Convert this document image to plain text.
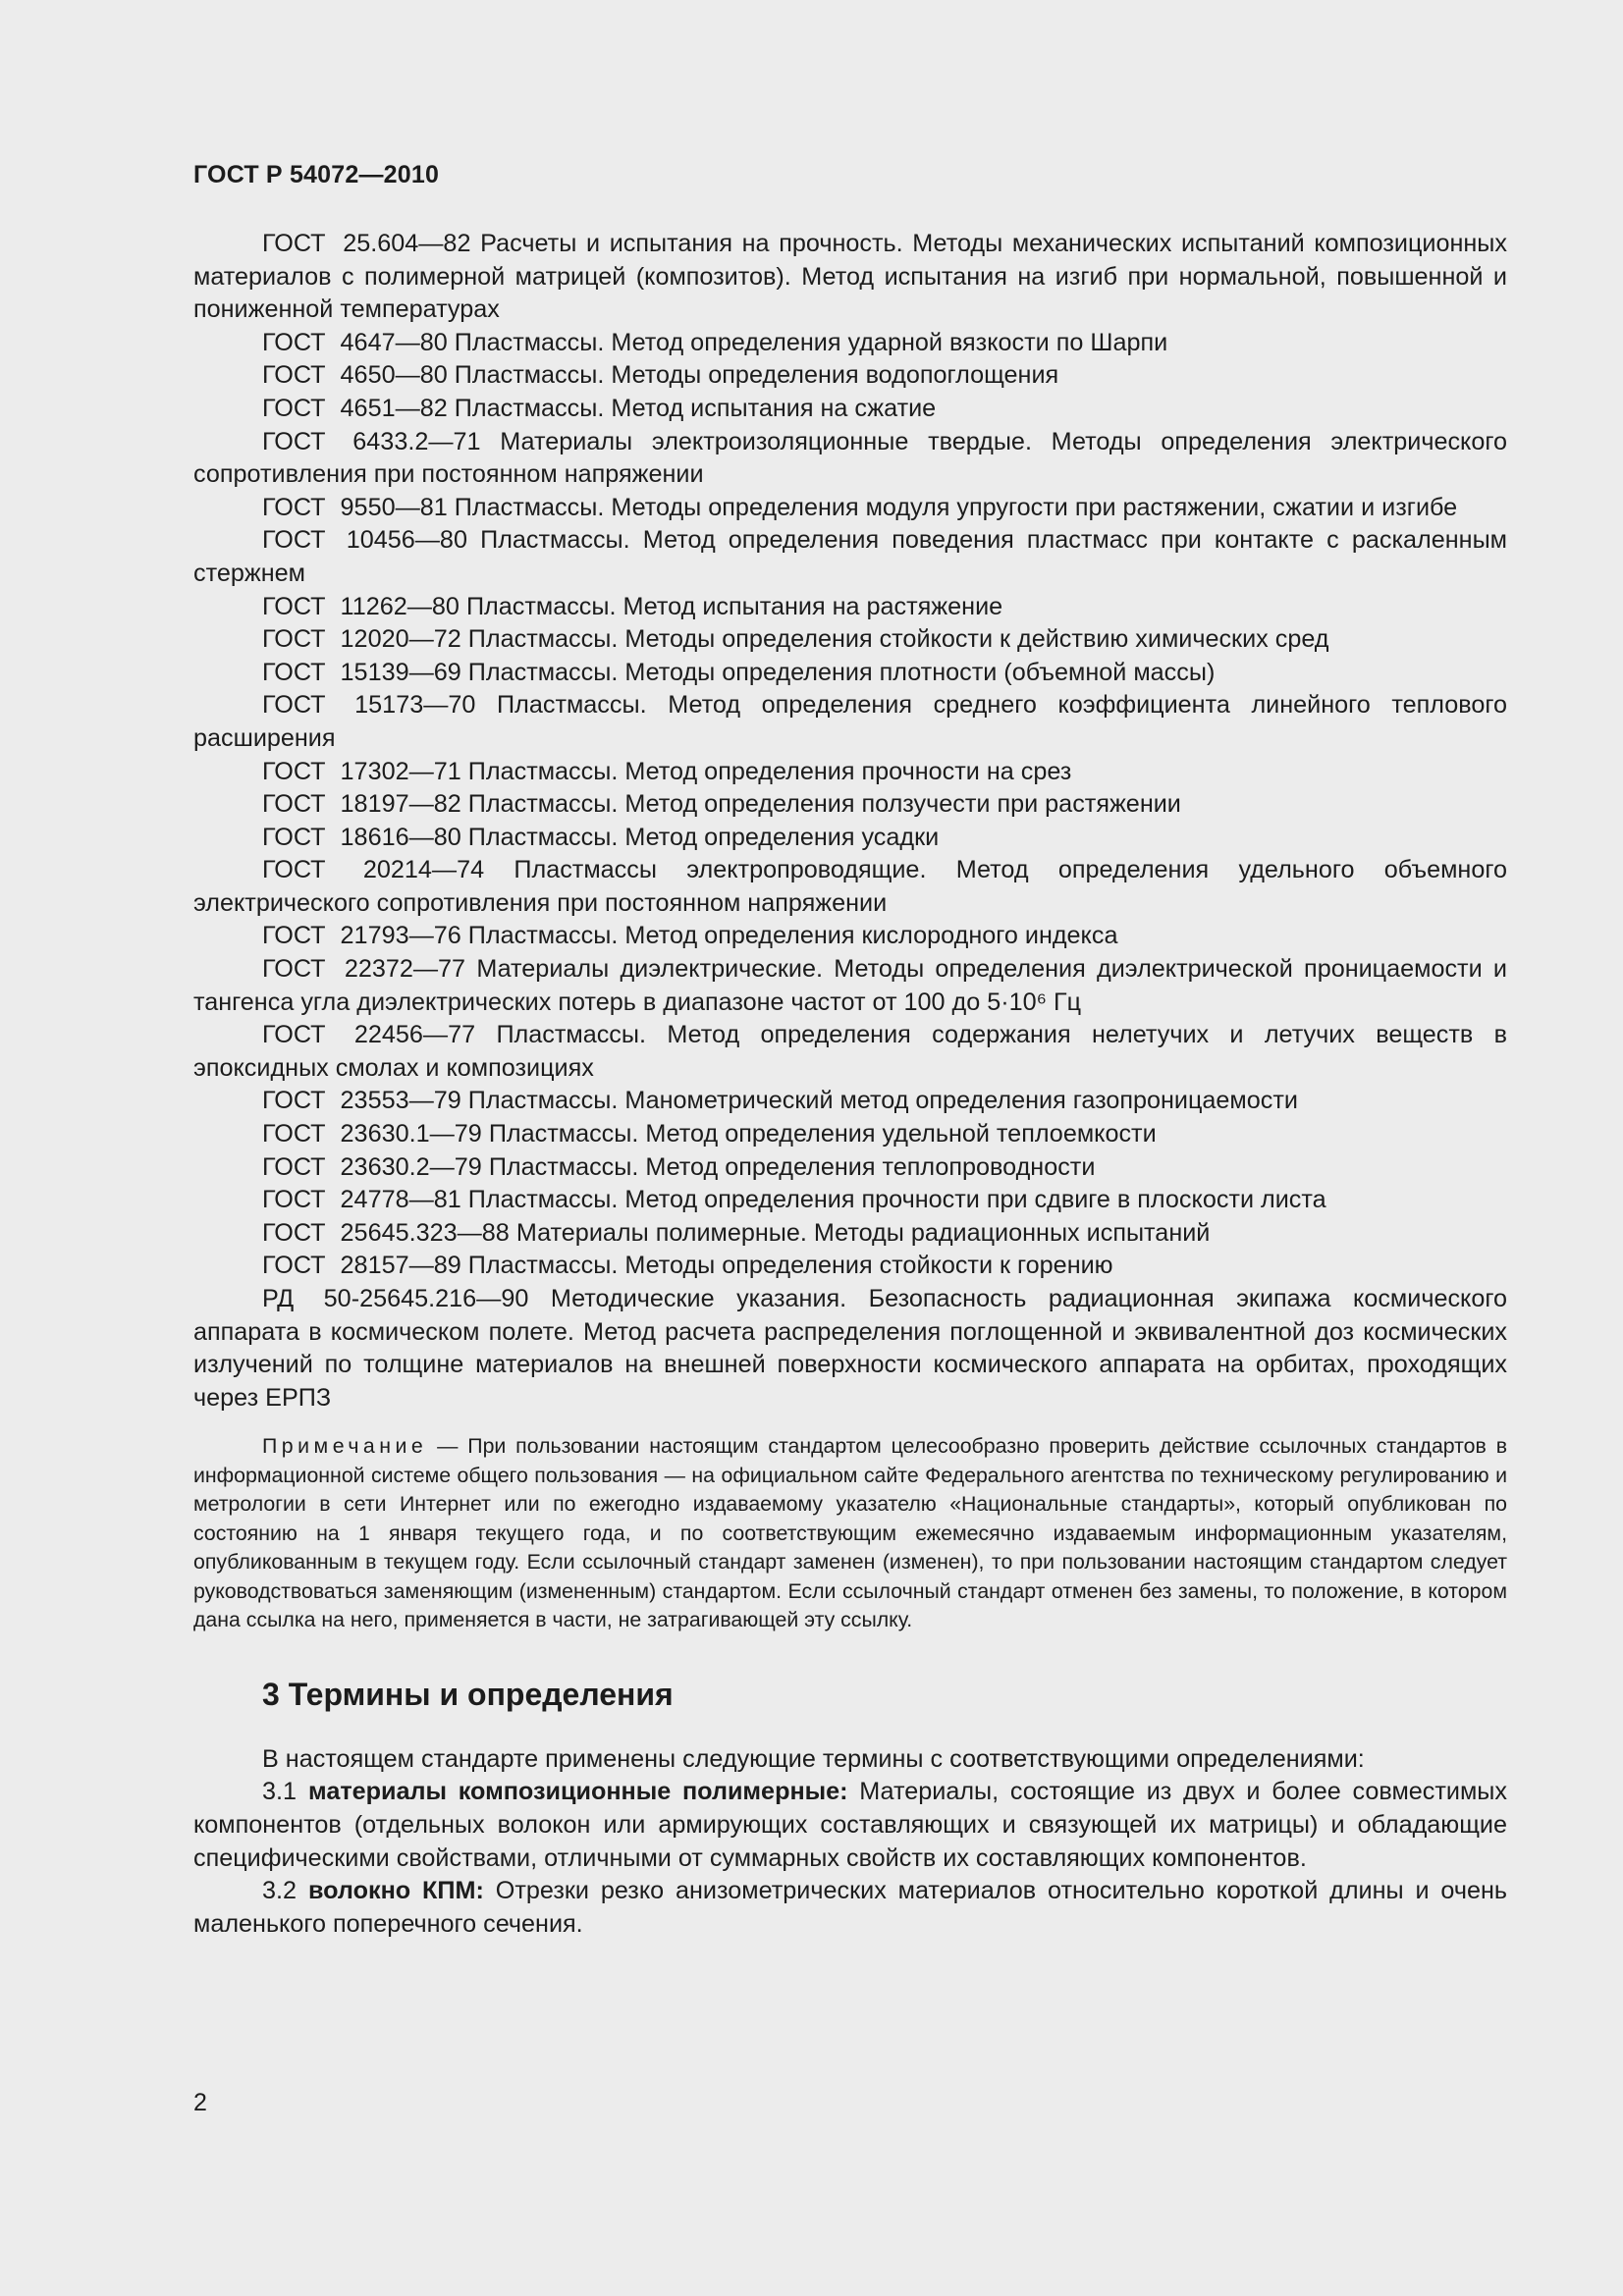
ГОСТ Р 54072—2010

ГОСТ 25.604—82 Расчеты и испытания на прочность. Методы механических испытаний композиционных материалов с полимерной матрицей (композитов). Метод испытания на изгиб при нормальной, повышенной и пониженной температурах

ГОСТ 4647—80 Пластмассы. Метод определения ударной вязкости по Шарпи

ГОСТ 4650—80 Пластмассы. Методы определения водопоглощения

ГОСТ 4651—82 Пластмассы. Метод испытания на сжатие

ГОСТ 6433.2—71 Материалы электроизоляционные твердые. Методы определения электрического сопротивления при постоянном напряжении

ГОСТ 9550—81 Пластмассы. Методы определения модуля упругости при растяжении, сжатии и изгибе

ГОСТ 10456—80 Пластмассы. Метод определения поведения пластмасс при контакте с раскаленным стержнем

ГОСТ 11262—80 Пластмассы. Метод испытания на растяжение

ГОСТ 12020—72 Пластмассы. Методы определения стойкости к действию химических сред

ГОСТ 15139—69 Пластмассы. Методы определения плотности (объемной массы)

ГОСТ 15173—70 Пластмассы. Метод определения среднего коэффициента линейного теплового расширения

ГОСТ 17302—71 Пластмассы. Метод определения прочности на срез

ГОСТ 18197—82 Пластмассы. Метод определения ползучести при растяжении

ГОСТ 18616—80 Пластмассы. Метод определения усадки

ГОСТ 20214—74 Пластмассы электропроводящие. Метод определения удельного объемного электрического сопротивления при постоянном напряжении

ГОСТ 21793—76 Пластмассы. Метод определения кислородного индекса

ГОСТ 22372—77 Материалы диэлектрические. Методы определения диэлектрической проницаемости и тангенса угла диэлектрических потерь в диапазоне частот от 100 до 5·10⁶ Гц

ГОСТ 22456—77 Пластмассы. Метод определения содержания нелетучих и летучих веществ в эпоксидных смолах и композициях

ГОСТ 23553—79 Пластмассы. Манометрический метод определения газопроницаемости

ГОСТ 23630.1—79 Пластмассы. Метод определения удельной теплоемкости

ГОСТ 23630.2—79 Пластмассы. Метод определения теплопроводности

ГОСТ 24778—81 Пластмассы. Метод определения прочности при сдвиге в плоскости листа

ГОСТ 25645.323—88 Материалы полимерные. Методы радиационных испытаний

ГОСТ 28157—89 Пластмассы. Методы определения стойкости к горению

РД 50-25645.216—90 Методические указания. Безопасность радиационная экипажа космического аппарата в космическом полете. Метод расчета распределения поглощенной и эквивалентной доз космических излучений по толщине материалов на внешней поверхности космического аппарата на орбитах, проходящих через ЕРПЗ

Примечание — При пользовании настоящим стандартом целесообразно проверить действие ссылочных стандартов в информационной системе общего пользования — на официальном сайте Федерального агентства по техническому регулированию и метрологии в сети Интернет или по ежегодно издаваемому указателю «Национальные стандарты», который опубликован по состоянию на 1 января текущего года, и по соответствующим ежемесячно издаваемым информационным указателям, опубликованным в текущем году. Если ссылочный стандарт заменен (изменен), то при пользовании настоящим стандартом следует руководствоваться заменяющим (измененным) стандартом. Если ссылочный стандарт отменен без замены, то положение, в котором дана ссылка на него, применяется в части, не затрагивающей эту ссылку.

3 Термины и определения

В настоящем стандарте применены следующие термины с соответствующими определениями:

3.1 материалы композиционные полимерные: Материалы, состоящие из двух и более совместимых компонентов (отдельных волокон или армирующих составляющих и связующей их матрицы) и обладающие специфическими свойствами, отличными от суммарных свойств их составляющих компонентов.

3.2 волокно КПМ: Отрезки резко анизометрических материалов относительно короткой длины и очень маленького поперечного сечения.

2
